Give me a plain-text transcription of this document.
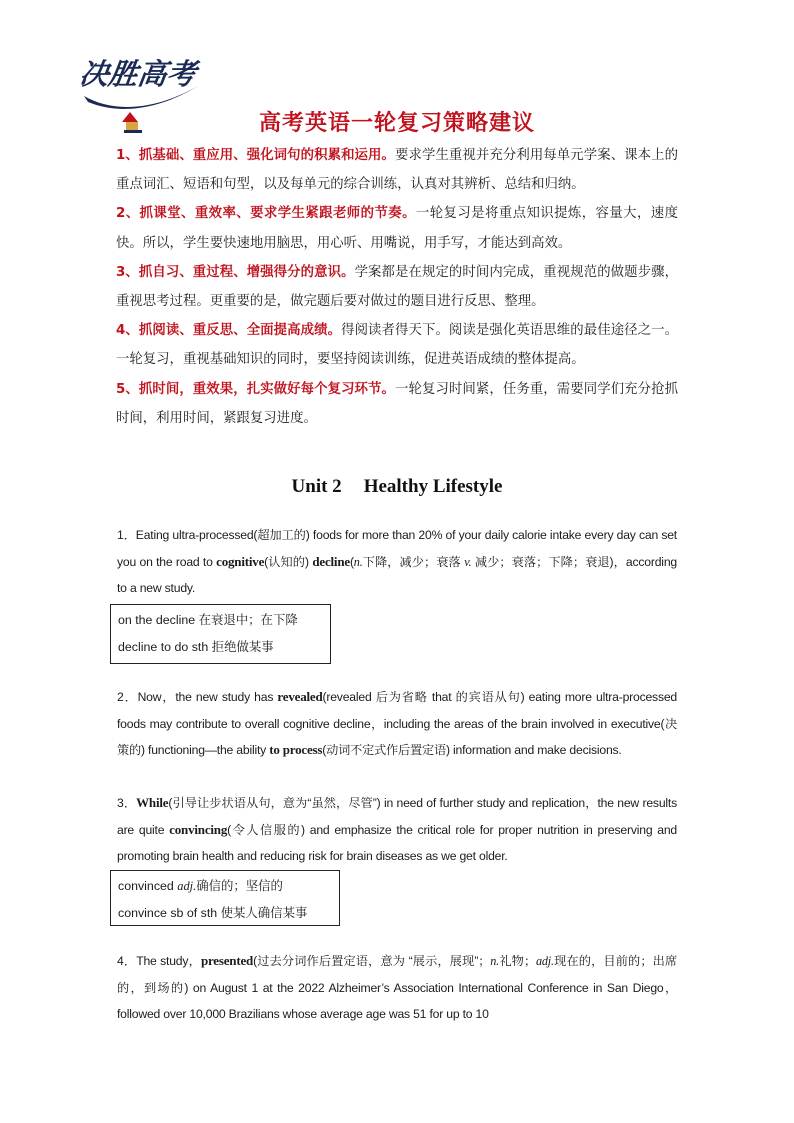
决胜高考
高考英语一轮复习策略建议

1、抓基础、重应用、强化词句的积累和运用。要求学生重视并充分利用每单元学案、课本上的重点词汇、短语和句型，以及每单元的综合训练，认真对其辨析、总结和归纳。

2、抓课堂、重效率、要求学生紧跟老师的节奏。一轮复习是将重点知识提炼，容量大，速度快。所以，学生要快速地用脑思，用心听、用嘴说，用手写，才能达到高效。

3、抓自习、重过程、增强得分的意识。学案都是在规定的时间内完成，重视规范的做题步骤，重视思考过程。更重要的是，做完题后要对做过的题目进行反思、整理。

4、抓阅读、重反思、全面提高成绩。得阅读者得天下。阅读是强化英语思维的最佳途径之一。一轮复习，重视基础知识的同时，要坚持阅读训练，促进英语成绩的整体提高。

5、抓时间，重效果，扎实做好每个复习环节。一轮复习时间紧，任务重，需要同学们充分抢抓时间，利用时间，紧跟复习进度。

Unit 2 Healthy Lifestyle
1．Eating ultra-processed(超加工的) foods for more than 20% of your daily calorie intake every day can set you on the road to cognitive(认知的) decline(n.下降，减少；衰落 v. 减少；衰落；下降；衰退)，according to a new study.
on the decline 在衰退中；在下降
decline to do sth 拒绝做某事
2．Now，the new study has revealed(revealed 后为省略 that 的宾语从句) eating more ultra-processed foods may contribute to overall cognitive decline，including the areas of the brain involved in executive(决策的) functioning—the ability to process(动词不定式作后置定语) information and make decisions.
3．While(引导让步状语从句，意为“虽然，尽管”) in need of further study and replication，the new results are quite convincing(令人信服的) and emphasize the critical role for proper nutrition in preserving and promoting brain health and reducing risk for brain diseases as we get older.
convinced adj.确信的；坚信的
convince sb of sth 使某人确信某事
4．The study，presented(过去分词作后置定语，意为 “展示，展现”；n.礼物；adj.现在的，目前的；出席的，到场的) on August 1 at the 2022 Alzheimer’s Association International Conference in San Diego，followed over 10,000 Brazilians whose average age was 51 for up to 10
